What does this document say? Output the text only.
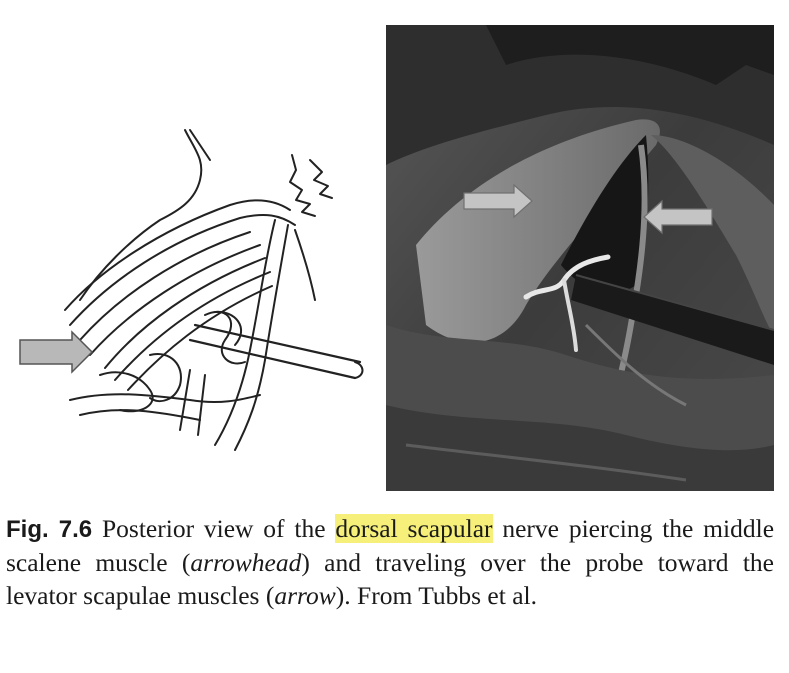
Fig. 7.6 Posterior view of the dorsal scapular nerve piercing the middle scalene muscle (arrowhead) and traveling over the probe toward the levator scapulae muscles (arrow). From Tubbs et al.
